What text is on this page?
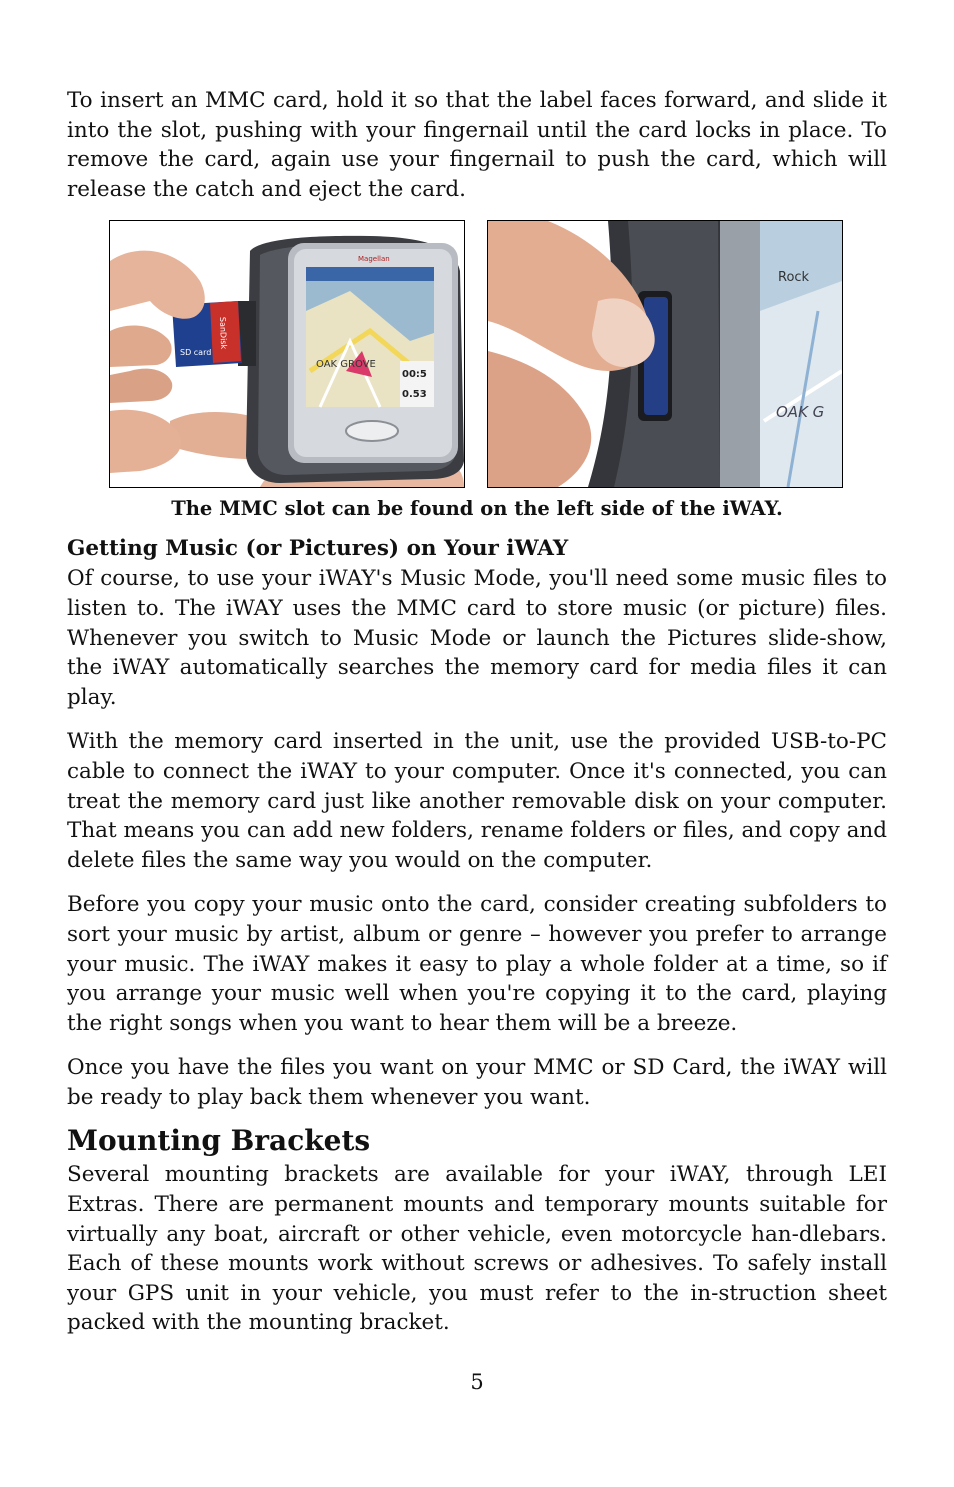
To insert an MMC card, hold it so that the label faces forward, and slide it into the slot, pushing with your fingernail until the card locks in place. To remove the card, again use your fingernail to push the card, which will release the catch and eject the card.

Magellan
OAK GROVE
00:5
0.53
SanDisk
SD card
Rock
OAK G
The MMC slot can be found on the left side of the iWAY.
Getting Music (or Pictures) on Your iWAY

Of course, to use your iWAY's Music Mode, you'll need some music files to listen to. The iWAY uses the MMC card to store music (or picture) files. Whenever you switch to Music Mode or launch the Pictures slide-show, the iWAY automatically searches the memory card for media files it can play.

With the memory card inserted in the unit, use the provided USB-to-PC cable to connect the iWAY to your computer. Once it's connected, you can treat the memory card just like another removable disk on your computer. That means you can add new folders, rename folders or files, and copy and delete files the same way you would on the computer.

Before you copy your music onto the card, consider creating subfolders to sort your music by artist, album or genre – however you prefer to arrange your music. The iWAY makes it easy to play a whole folder at a time, so if you arrange your music well when you're copying it to the card, playing the right songs when you want to hear them will be a breeze.

Once you have the files you want on your MMC or SD Card, the iWAY will be ready to play back them whenever you want.

Mounting Brackets

Several mounting brackets are available for your iWAY, through LEI Extras. There are permanent mounts and temporary mounts suitable for virtually any boat, aircraft or other vehicle, even motorcycle han-dlebars. Each of these mounts work without screws or adhesives. To safely install your GPS unit in your vehicle, you must refer to the in-struction sheet packed with the mounting bracket.

5
